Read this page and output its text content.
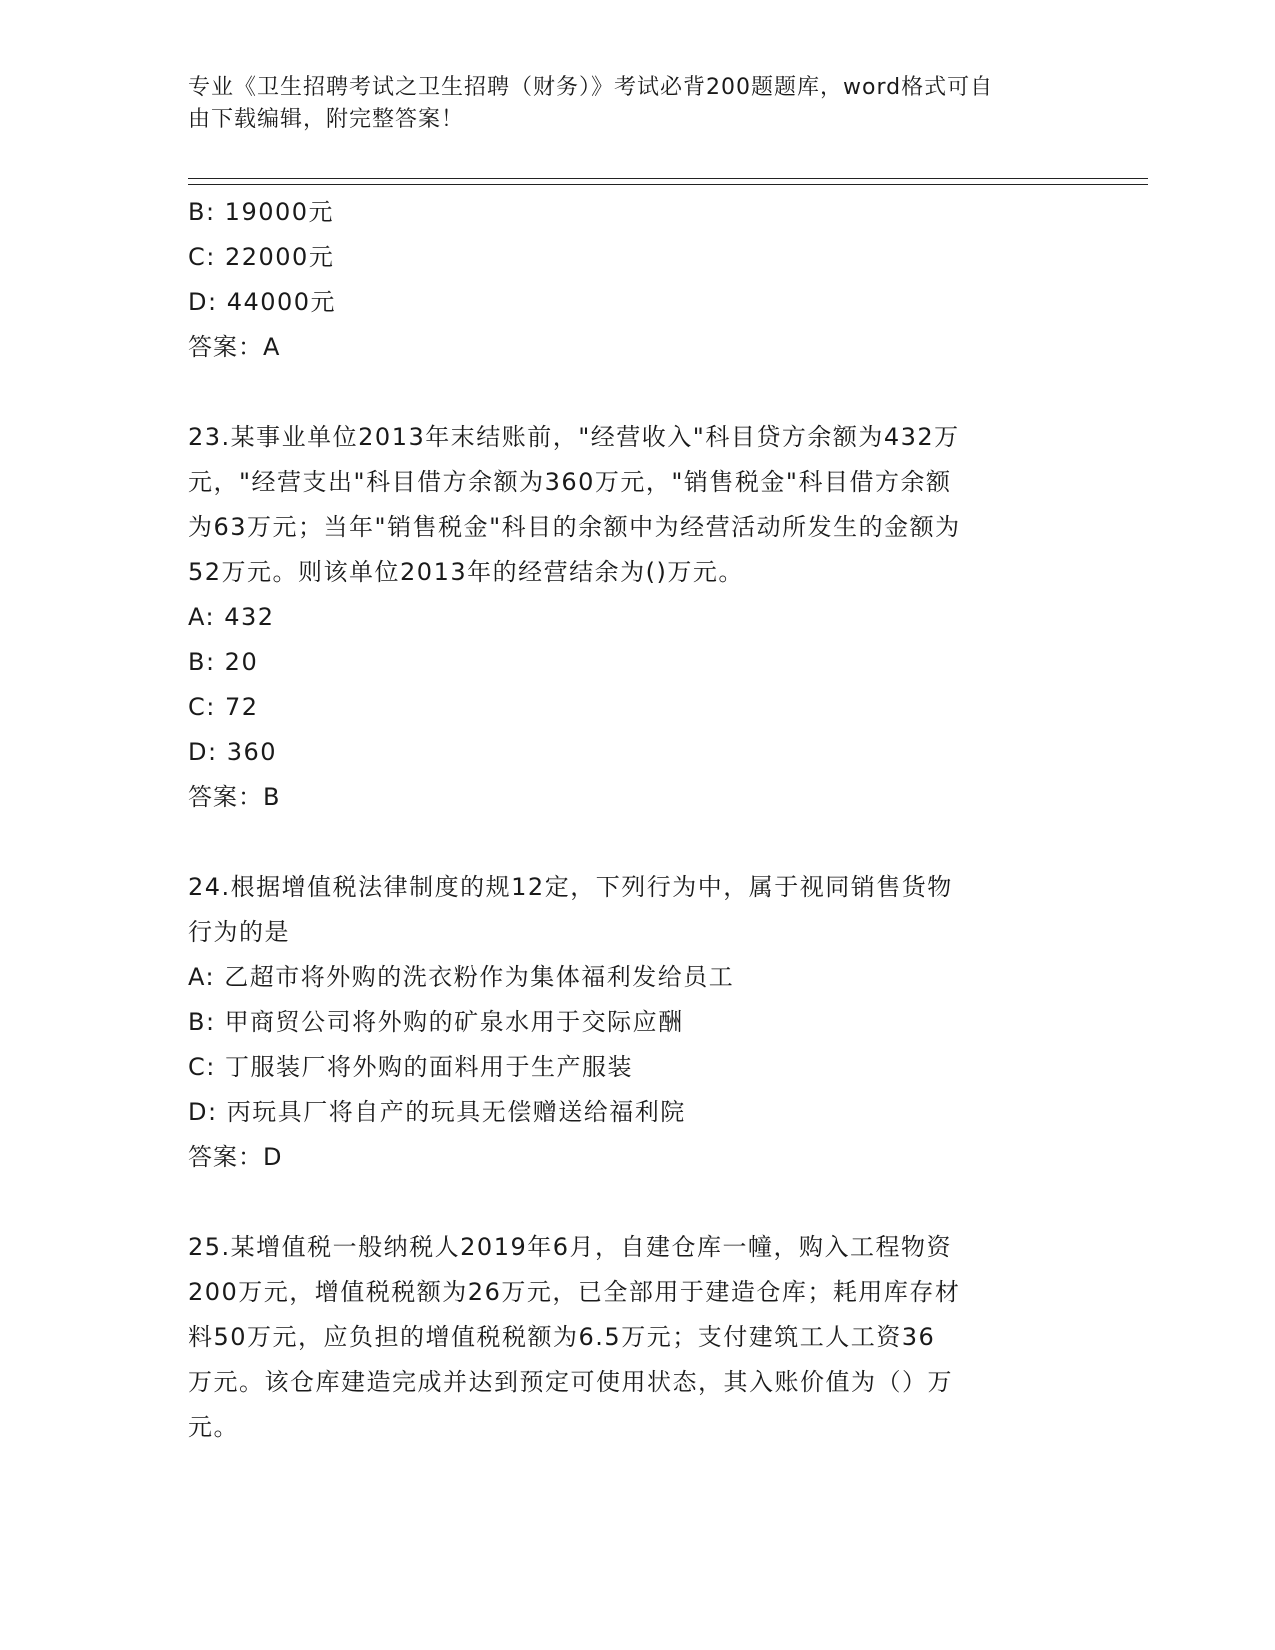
专业《卫生招聘考试之卫生招聘（财务）》考试必背200题题库，word格式可自
由下载编辑，附完整答案！
B: 19000元
C: 22000元
D: 44000元
答案：A
23.某事业单位2013年末结账前，"经营收入"科目贷方余额为432万
元，"经营支出"科目借方余额为360万元，"销售税金"科目借方余额
为63万元；当年"销售税金"科目的余额中为经营活动所发生的金额为
52万元。则该单位2013年的经营结余为()万元。
A: 432
B: 20
C: 72
D: 360
答案：B
24.根据增值税法律制度的规12定，下列行为中，属于视同销售货物
行为的是
A: 乙超市将外购的洗衣粉作为集体福利发给员工
B: 甲商贸公司将外购的矿泉水用于交际应酬
C: 丁服装厂将外购的面料用于生产服装
D: 丙玩具厂将自产的玩具无偿赠送给福利院
答案：D
25.某增值税一般纳税人2019年6月，自建仓库一幢，购入工程物资
200万元，增值税税额为26万元，已全部用于建造仓库；耗用库存材
料50万元，应负担的增值税税额为6.5万元；支付建筑工人工资36
万元。该仓库建造完成并达到预定可使用状态，其入账价值为（）万
元。
